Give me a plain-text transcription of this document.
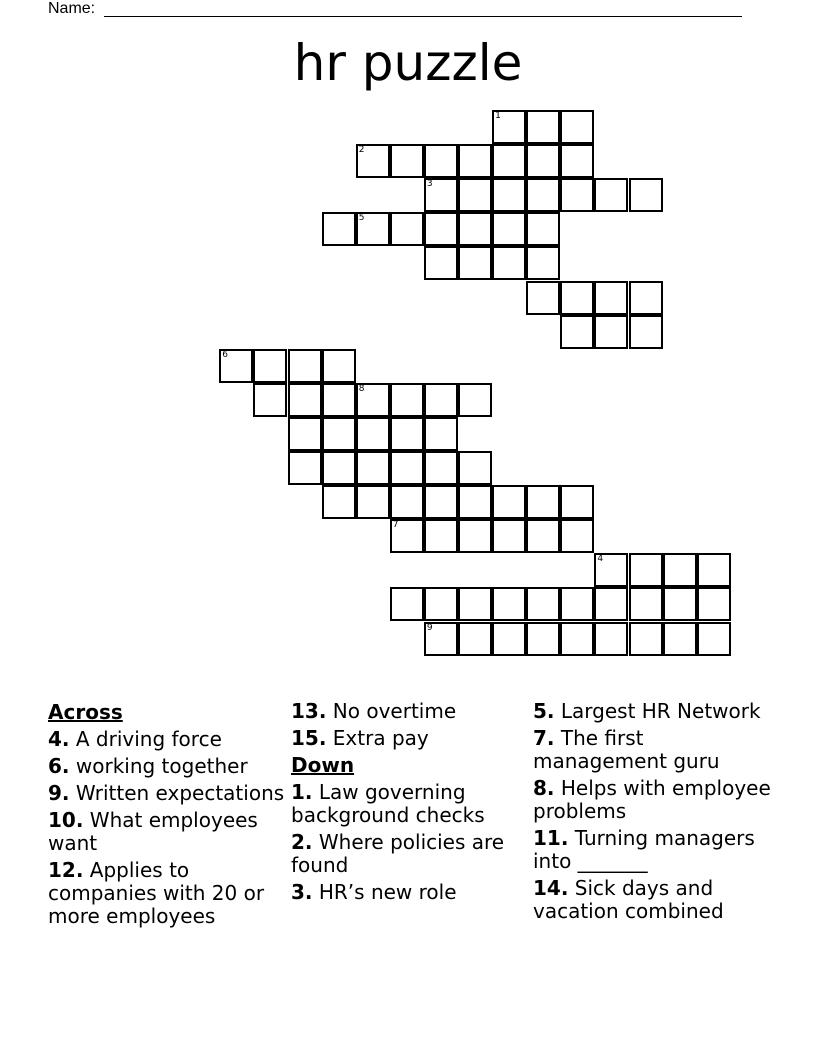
Name:
hr puzzle
1
2
3
5
6
8
7
4
9
Across
4. A driving force
6. working together
9. Written expectations
10. What employees want
12. Applies to companies with 20 or more employees
13. No overtime
15. Extra pay
Down
1. Law governing background checks
2. Where policies are found
3. HR’s new role
5. Largest HR Network
7. The first management guru
8. Helps with employee problems
11. Turning managers into _______
14. Sick days and vacation combined
